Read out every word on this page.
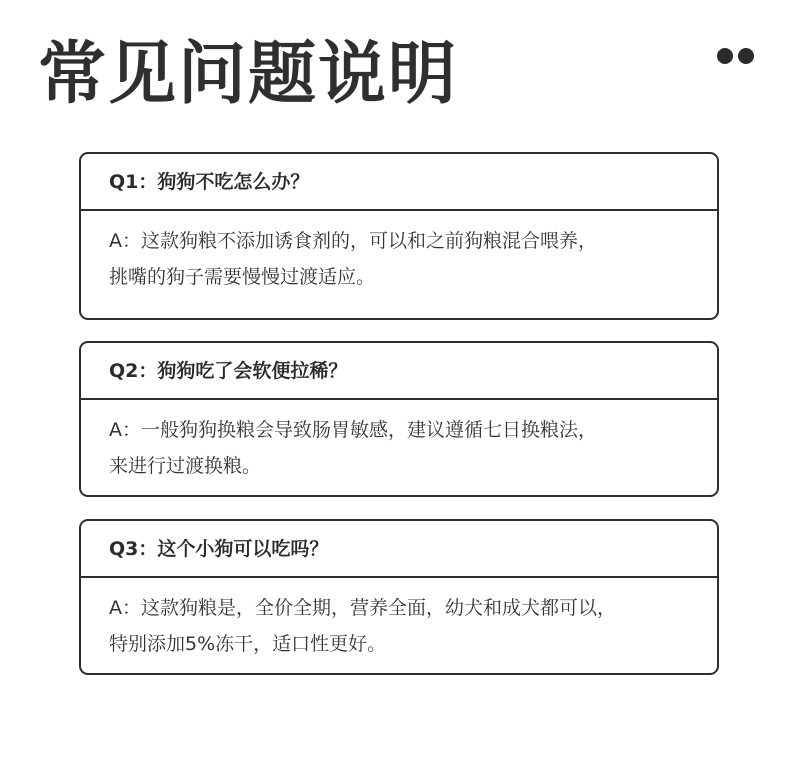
常见问题说明
Q1：狗狗不吃怎么办？
A：这款狗粮不添加诱食剂的，可以和之前狗粮混合喂养，
挑嘴的狗子需要慢慢过渡适应。
Q2：狗狗吃了会软便拉稀？
A：一般狗狗换粮会导致肠胃敏感，建议遵循七日换粮法，
来进行过渡换粮。
Q3：这个小狗可以吃吗？
A：这款狗粮是，全价全期，营养全面，幼犬和成犬都可以，
特别添加5%冻干，适口性更好。
